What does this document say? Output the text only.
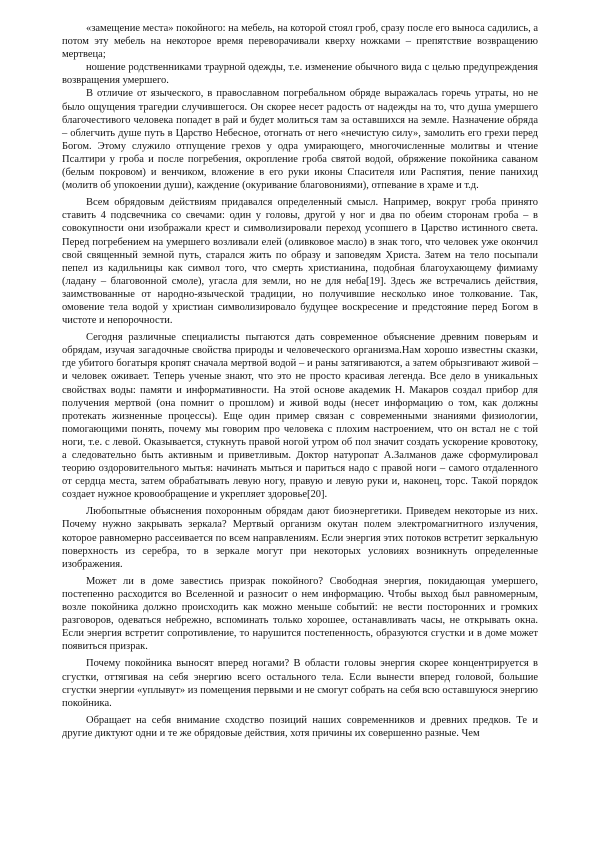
«замещение места» покойного: на мебель, на которой стоял гроб, сразу после его выноса садились, а потом эту мебель на некоторое время переворачивали кверху ножками – препятствие возвращению мертвеца;

ношение родственниками траурной одежды, т.е. изменение обычного вида с целью предупреждения возвращения умершего.

В отличие от языческого, в православном погребальном обряде выражалась горечь утраты, но не было ощущения трагедии случившегося. Он скорее несет радость от надежды на то, что душа умершего благочестивого человека попадет в рай и будет молиться там за оставшихся на земле. Назначение обряда – облегчить душе путь в Царство Небесное, отогнать от него «нечистую силу», замолить его грехи перед Богом. Этому служило отпущение грехов у одра умирающего, многочисленные молитвы и чтение Псалтири у гроба и после погребения, окропление гроба святой водой, обряжение покойника саваном (белым покровом) и венчиком, вложение в его руки иконы Спасителя или Распятия, пение панихид (молитв об упокоении души), каждение (окуривание благовониями), отпевание в храме и т.д.

Всем обрядовым действиям придавался определенный смысл. Например, вокруг гроба принято ставить 4 подсвечника со свечами: один у головы, другой у ног и два по обеим сторонам гроба – в совокупности они изображали крест и символизировали переход усопшего в Царство истинного света. Перед погребением на умершего возливали елей (оливковое масло) в знак того, что человек уже окончил свой священный земной путь, старался жить по образу и заповедям Христа. Затем на тело посыпали пепел из кадильницы как символ того, что смерть христианина, подобная благоухающему фимиаму (ладану – благовонной смоле), угасла для земли, но не для неба[19]. Здесь же встречались действия, заимствованные от народно-языческой традиции, но получившие несколько иное толкование. Так, омовение тела водой у христиан символизировало будущее воскресение и предстояние перед Богом в чистоте и непорочности.

Сегодня различные специалисты пытаются дать современное объяснение древним поверьям и обрядам, изучая загадочные свойства природы и человеческого организма.Нам хорошо известны сказки, где убитого богатыря кропят сначала мертвой водой – и раны затягиваются, а затем обрызгивают живой – и человек оживает. Теперь ученые знают, что это не просто красивая легенда. Все дело в уникальных свойствах воды: памяти и информативности. На этой основе академик Н. Макаров создал прибор для получения мертвой (она помнит о прошлом) и живой воды (несет информацию о том, как должны протекать жизненные процессы). Еще один пример связан с современными знаниями физиологии, помогающими понять, почему мы говорим про человека с плохим настроением, что он встал не с той ноги, т.е. с левой. Оказывается, стукнуть правой ногой утром об пол значит создать ускорение кровотоку, а следовательно быть активным и приветливым. Доктор натуропат А.Залманов даже сформулировал теорию оздоровительного мытья: начинать мыться и париться надо с правой ноги – самого отдаленного от сердца места, затем обрабатывать левую ногу, правую и левую руки и, наконец, торс. Такой порядок создает нужное кровообращение и укрепляет здоровье[20].

Любопытные объяснения похоронным обрядам дают биоэнергетики. Приведем некоторые из них. Почему нужно закрывать зеркала? Мертвый организм окутан полем электромагнитного излучения, которое равномерно рассеивается по всем направлениям. Если энергия этих потоков встретит зеркальную поверхность из серебра, то в зеркале могут при некоторых условиях возникнуть определенные изображения.

Может ли в доме завестись призрак покойного? Свободная энергия, покидающая умершего, постепенно расходится во Вселенной и разносит о нем информацию. Чтобы выход был равномерным, возле покойника должно происходить как можно меньше событий: не вести посторонних и громких разговоров, одеваться небрежно, вспоминать только хорошее, останавливать часы, не открывать окна. Если энергия встретит сопротивление, то нарушится постепенность, образуются сгустки и в доме может появиться призрак.

Почему покойника выносят вперед ногами? В области головы энергия скорее концентрируется в сгустки, оттягивая на себя энергию всего остального тела. Если вынести вперед головой, большие сгустки энергии «уплывут» из помещения первыми и не смогут собрать на себя всю оставшуюся энергию покойника.

Обращает на себя внимание сходство позиций наших современников и древних предков. Те и другие диктуют одни и те же обрядовые действия, хотя причины их совершенно разные. Чем
